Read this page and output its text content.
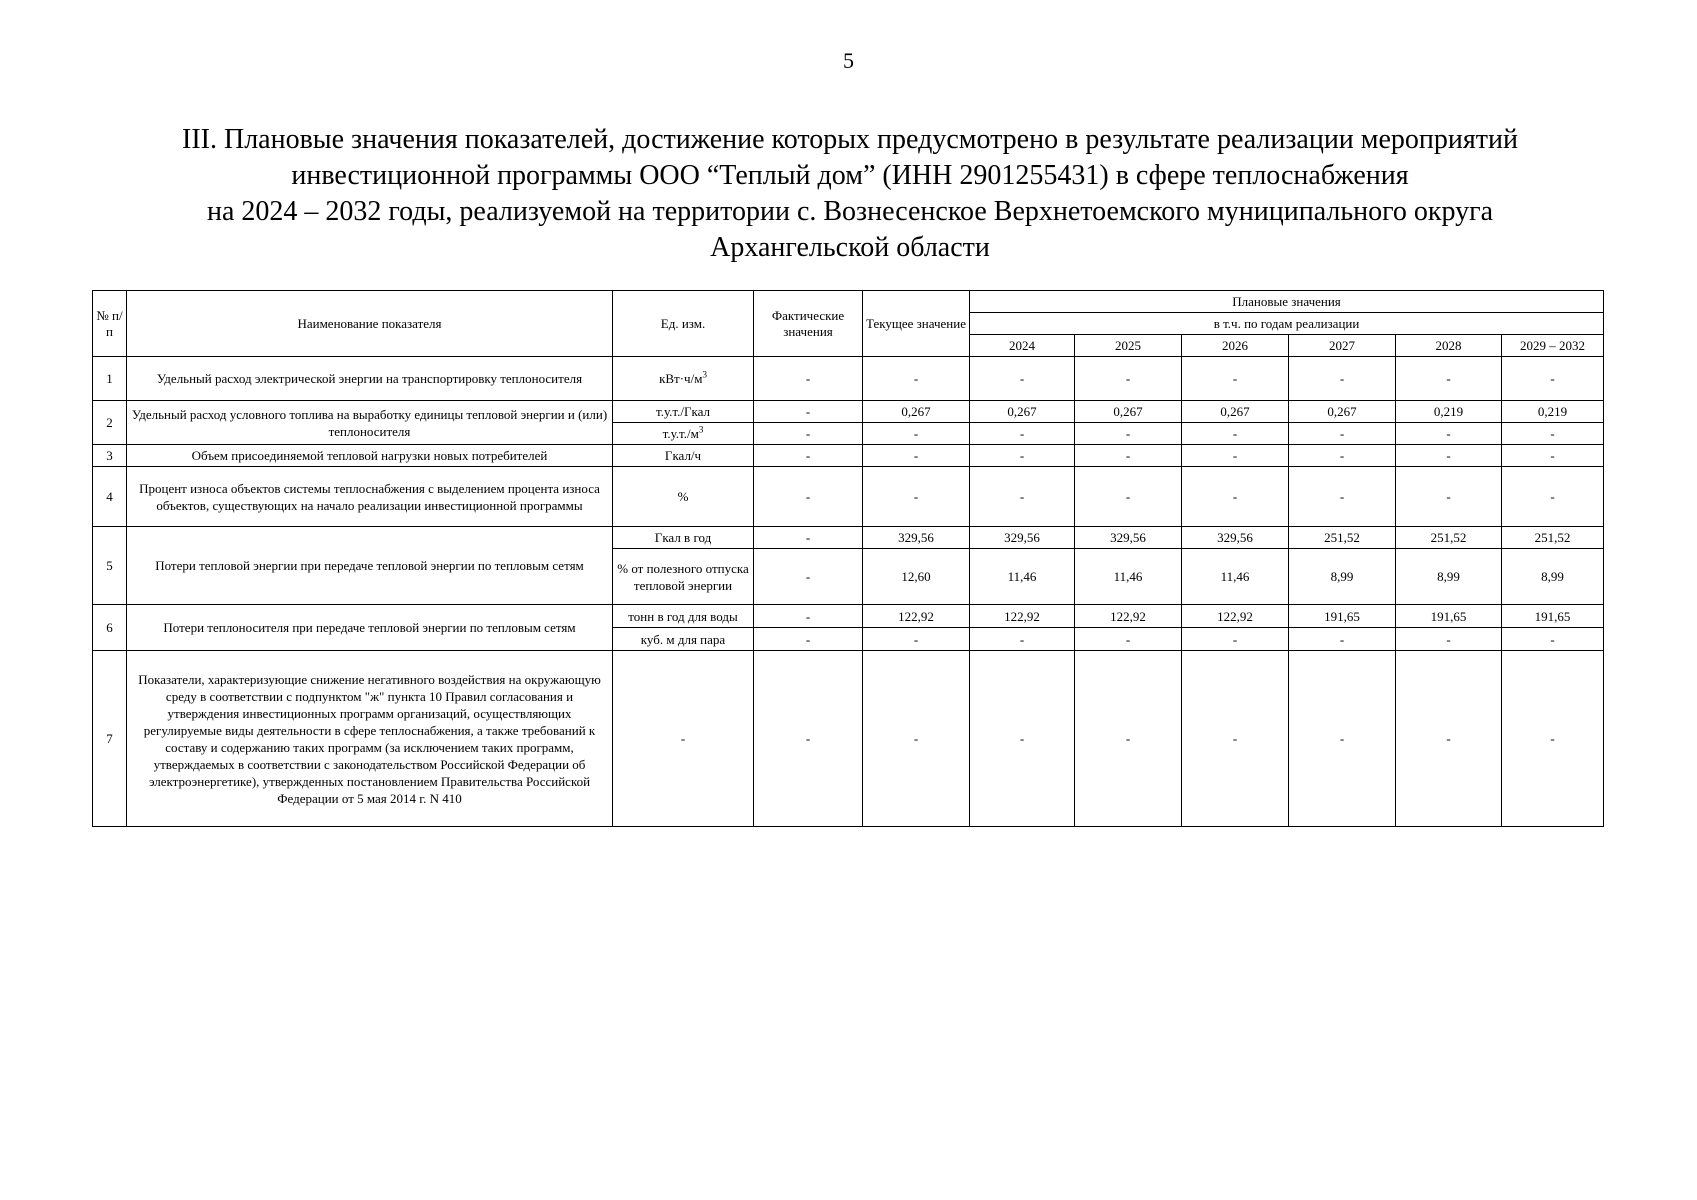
5
III. Плановые значения показателей, достижение которых предусмотрено в результате реализации мероприятий
инвестиционной программы ООО “Теплый дом” (ИНН 2901255431) в сфере теплоснабжения
на 2024 – 2032 годы, реализуемой на территории с. Вознесенское Верхнетоемского муниципального округа
Архангельской области
№ п/п	Наименование показателя	Ед. изм.	Фактические значения	Текущее значение	Плановые значения					
					в т.ч. по годам реализации					
					2024	2025	2026	2027	2028	2029 – 2032
1	Удельный расход электрической энергии на транспортировку теплоносителя	$кВт\cdot ч/м^3$	-	-	-	-	-	-	-	-
2	Удельный расход условного топлива на выработку единицы тепловой энергии и (или) теплоносителя	т.у.т./Гкал	-	0,267	0,267	0,267	0,267	0,267	0,219	0,219
		$т.у.т./м^3$	-	-	-	-	-	-	-	-
3	Объем присоединяемой тепловой нагрузки новых потребителей	Гкал/ч	-	-	-	-	-	-	-	-
4	Процент износа объектов системы теплоснабжения с выделением процента износа объектов, существующих на начало реализации инвестиционной программы	%	-	-	-	-	-	-	-	-
5	Потери тепловой энергии при передаче тепловой энергии по тепловым сетям	Гкал в год	-	329,56	329,56	329,56	329,56	251,52	251,52	251,52
		% от полезного отпуска тепловой энергии	-	12,60	11,46	11,46	11,46	8,99	8,99	8,99
6	Потери теплоносителя при передаче тепловой энергии по тепловым сетям	тонн в год для воды	-	122,92	122,92	122,92	122,92	191,65	191,65	191,65
		куб. м для пара	-	-	-	-	-	-	-	-
7	Показатели, характеризующие снижение негативного воздействия на окружающую среду в соответствии с подпунктом "ж" пункта 10 Правил согласования и утверждения инвестиционных программ организаций, осуществляющих регулируемые виды деятельности в сфере теплоснабжения, а также требований к составу и содержанию таких программ (за исключением таких программ, утверждаемых в соответствии с законодательством Российской Федерации об электроэнергетике), утвержденных постановлением Правительства Российской Федерации от 5 мая 2014 г. N 410	-	-	-	-	-	-	-	-	-
